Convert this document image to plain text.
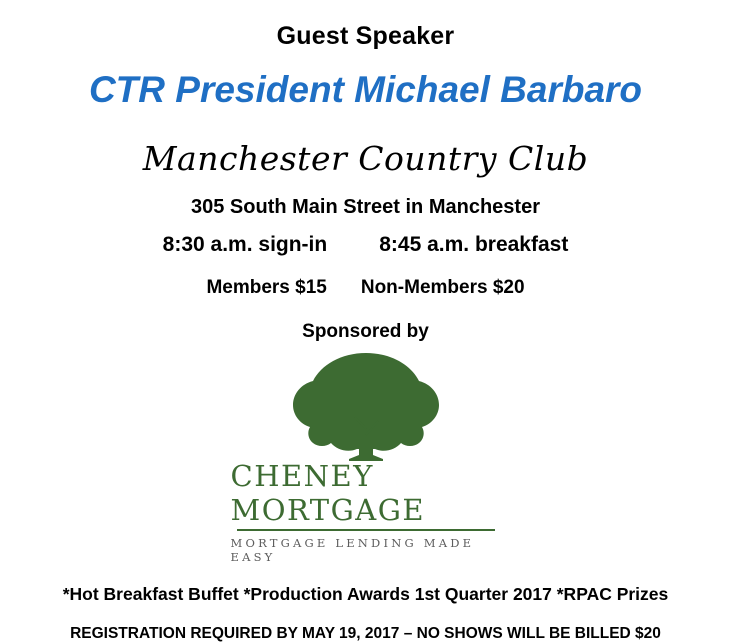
Guest Speaker
CTR President Michael Barbaro
Manchester Country Club
305 South Main Street in Manchester
8:30 a.m. sign-in 8:45 a.m. breakfast
Members $15 Non-Members $20
Sponsored by
CHENEY MORTGAGE
MORTGAGE LENDING MADE EASY
*Hot Breakfast Buffet *Production Awards 1st Quarter 2017 *RPAC Prizes
REGISTRATION REQUIRED BY MAY 19, 2017 – NO SHOWS WILL BE BILLED $20
